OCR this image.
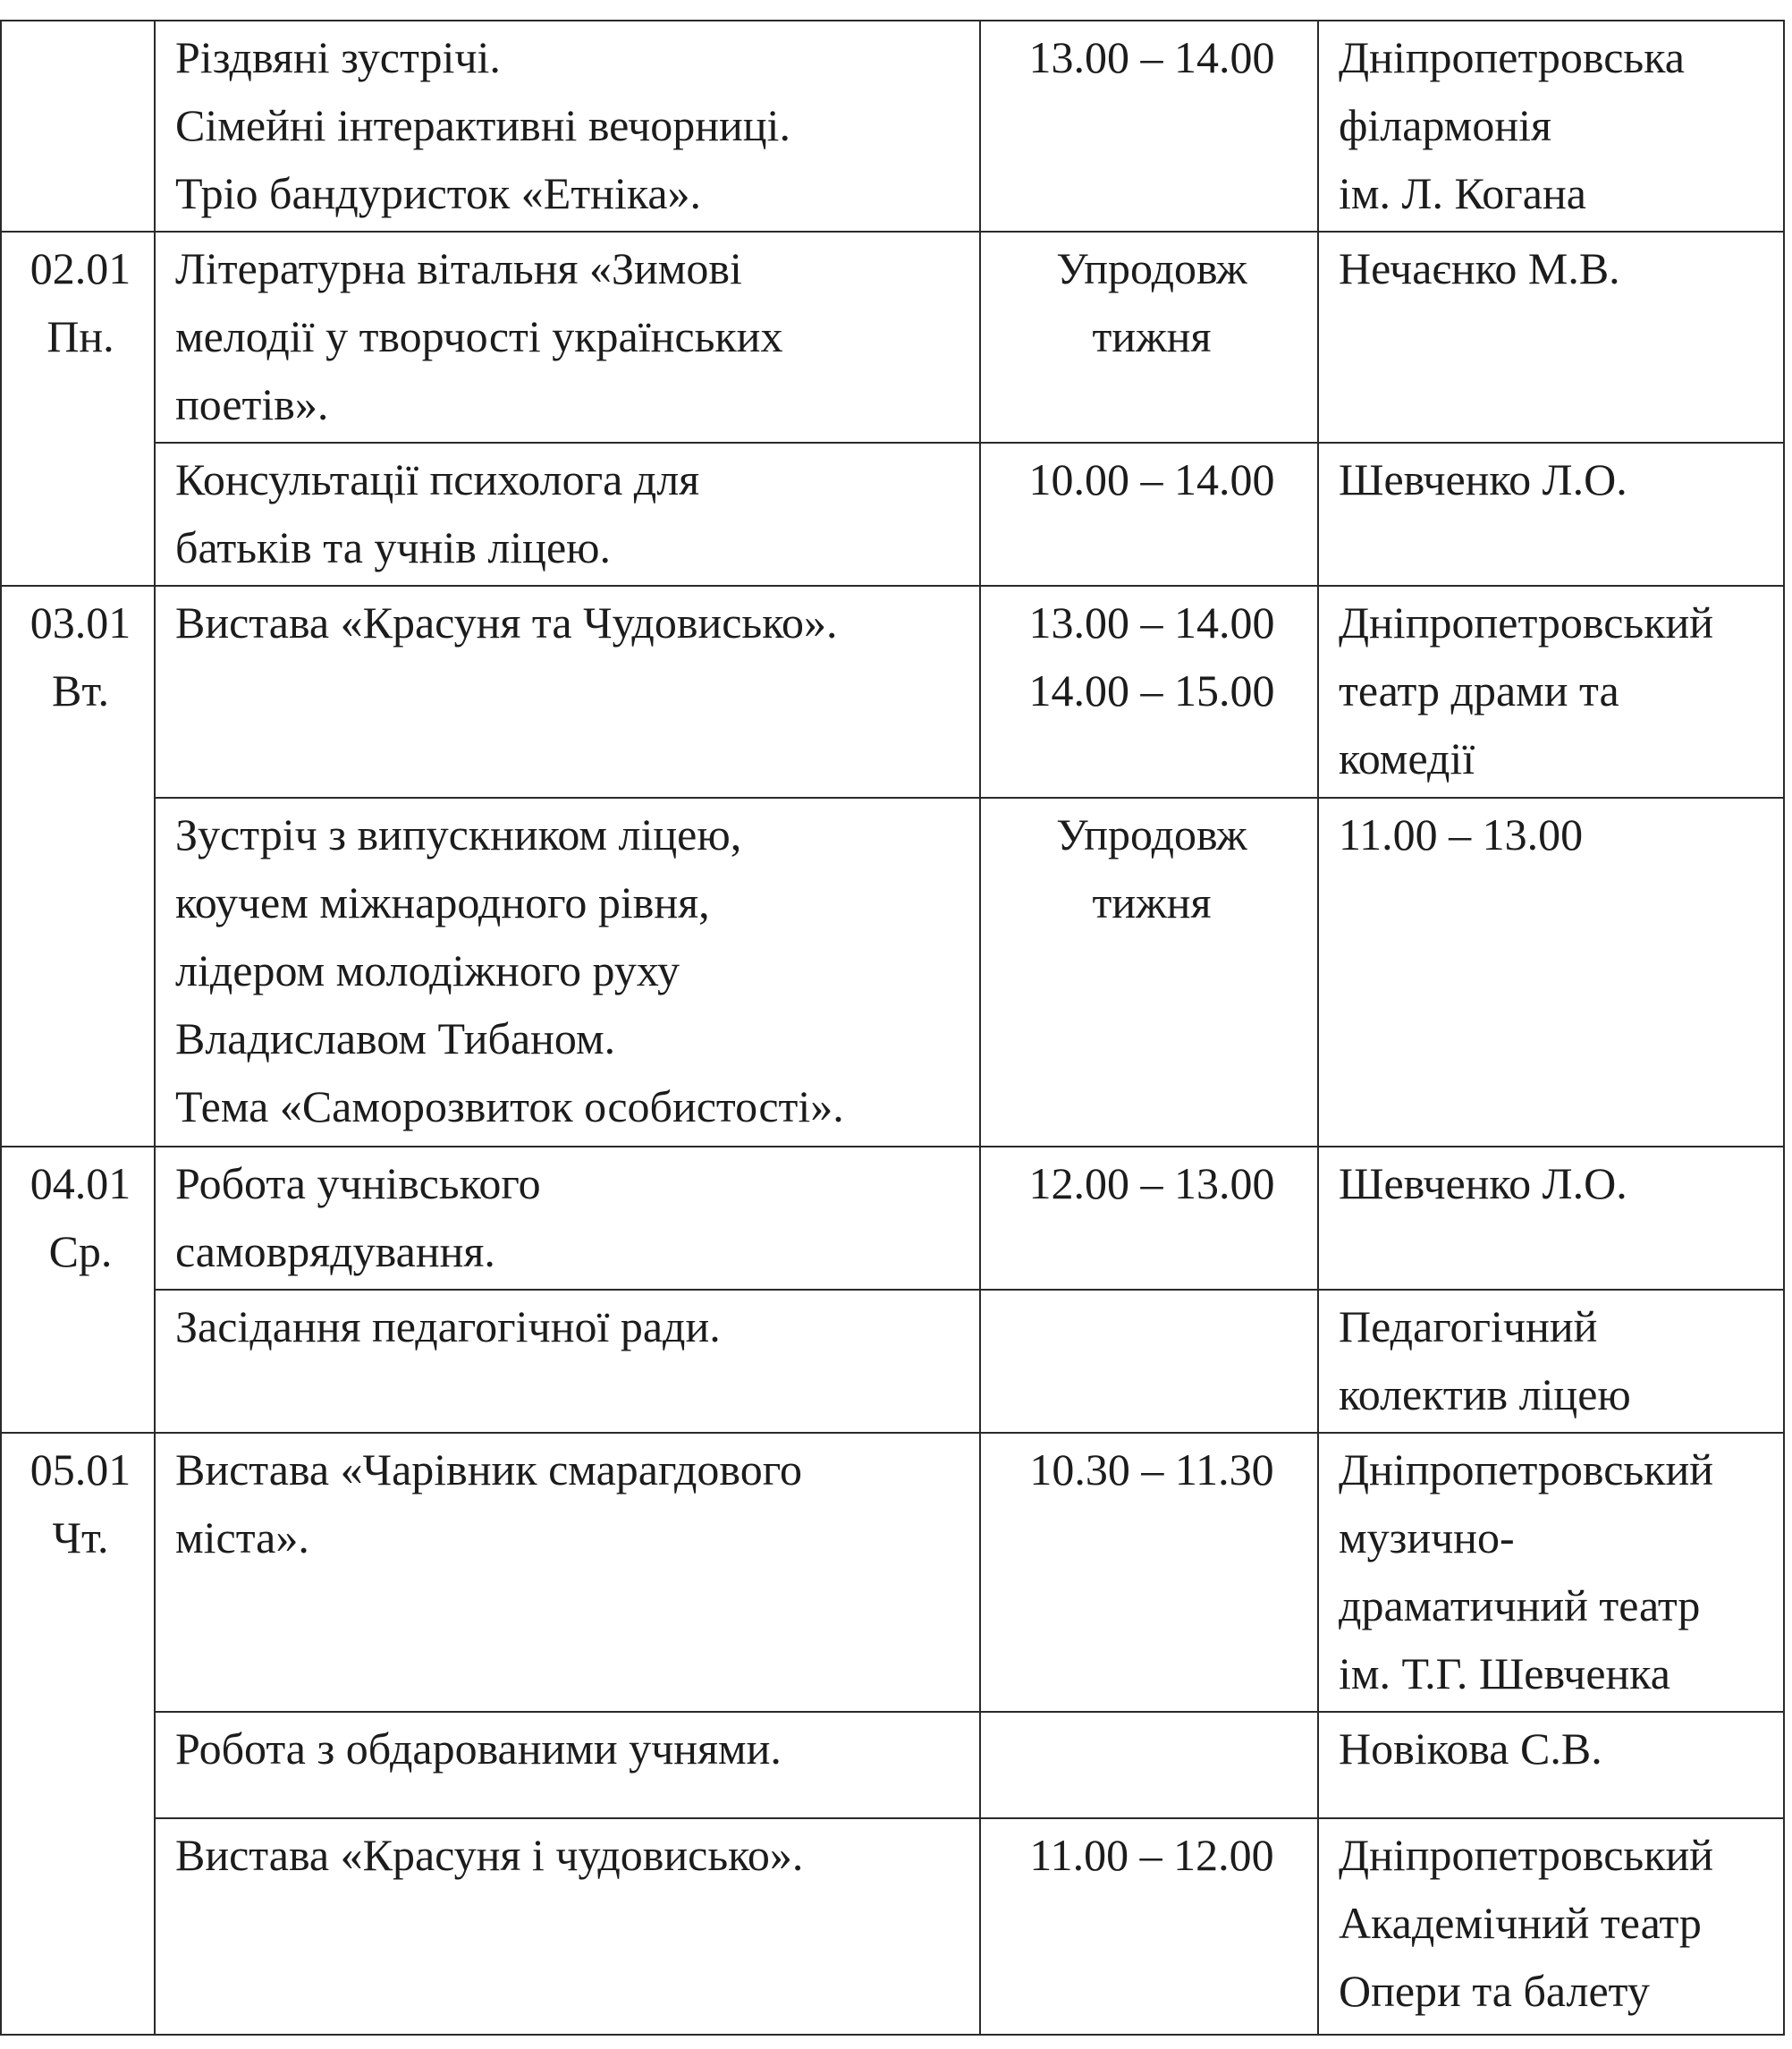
	Різдвяні зустрічі.
Сімейні інтерактивні вечорниці.
Тріо бандуристок «Етніка».	13.00 – 14.00	Дніпропетровська
філармонія
ім. Л. Когана

02.01
Пн.	Літературна вітальня «Зимові
мелодії у творчості українських
поетів».	Упродовж
тижня	Нечаєнко М.В.

	Консультації психолога для
батьків та учнів ліцею.	10.00 – 14.00	Шевченко Л.О.

03.01
Вт.	Вистава «Красуня та Чудовисько».	13.00 – 14.00
14.00 – 15.00	Дніпропетровський
театр драми та
комедії

	Зустріч з випускником ліцею,
коучем міжнародного рівня,
лідером молодіжного руху
Владиславом Тибаном.
Тема «Саморозвиток особистості».	Упродовж
тижня	11.00 – 13.00

04.01
Ср.	Робота учнівського
самоврядування.	12.00 – 13.00	Шевченко Л.О.

	Засідання педагогічної ради.		Педагогічний
колектив ліцею

05.01
Чт.	Вистава «Чарівник смарагдового
міста».	10.30 – 11.30	Дніпропетровський
музично-
драматичний театр
ім. Т.Г. Шевченка

	Робота з обдарованими учнями.		Новікова С.В.

	Вистава «Красуня і чудовисько».	11.00 – 12.00	Дніпропетровський
Академічний театр
Опери та балету
